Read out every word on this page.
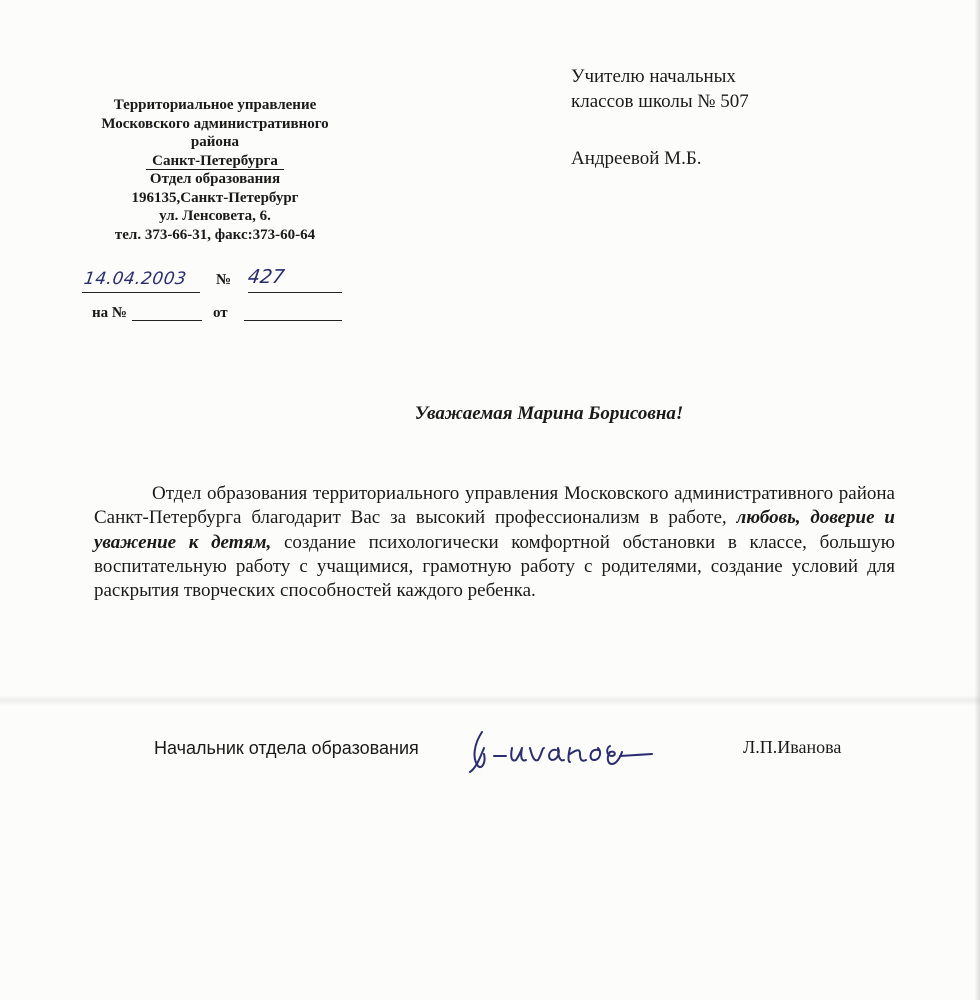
Территориальное управление
Московского административного
района
Санкт-Петербурга
Отдел образования
196135,Санкт-Петербург
ул. Ленсовета, 6.
тел. 373-66-31, факс:373-60-64
14.04.2003 № 427
на №	от
Учителю начальных
классов школы № 507
Андреевой М.Б.
Уважаемая Марина Борисовна!
Отдел образования территориального управления Московского административного района Санкт-Петербурга благодарит Вас за высокий профессионализм в работе, любовь, доверие и уважение к детям, создание психологически комфортной обстановки в классе, большую воспитательную работу с учащимися, грамотную работу с родителями, создание условий для раскрытия творческих способностей каждого ребенка.
Начальник отдела образования	Л.П.Иванова
